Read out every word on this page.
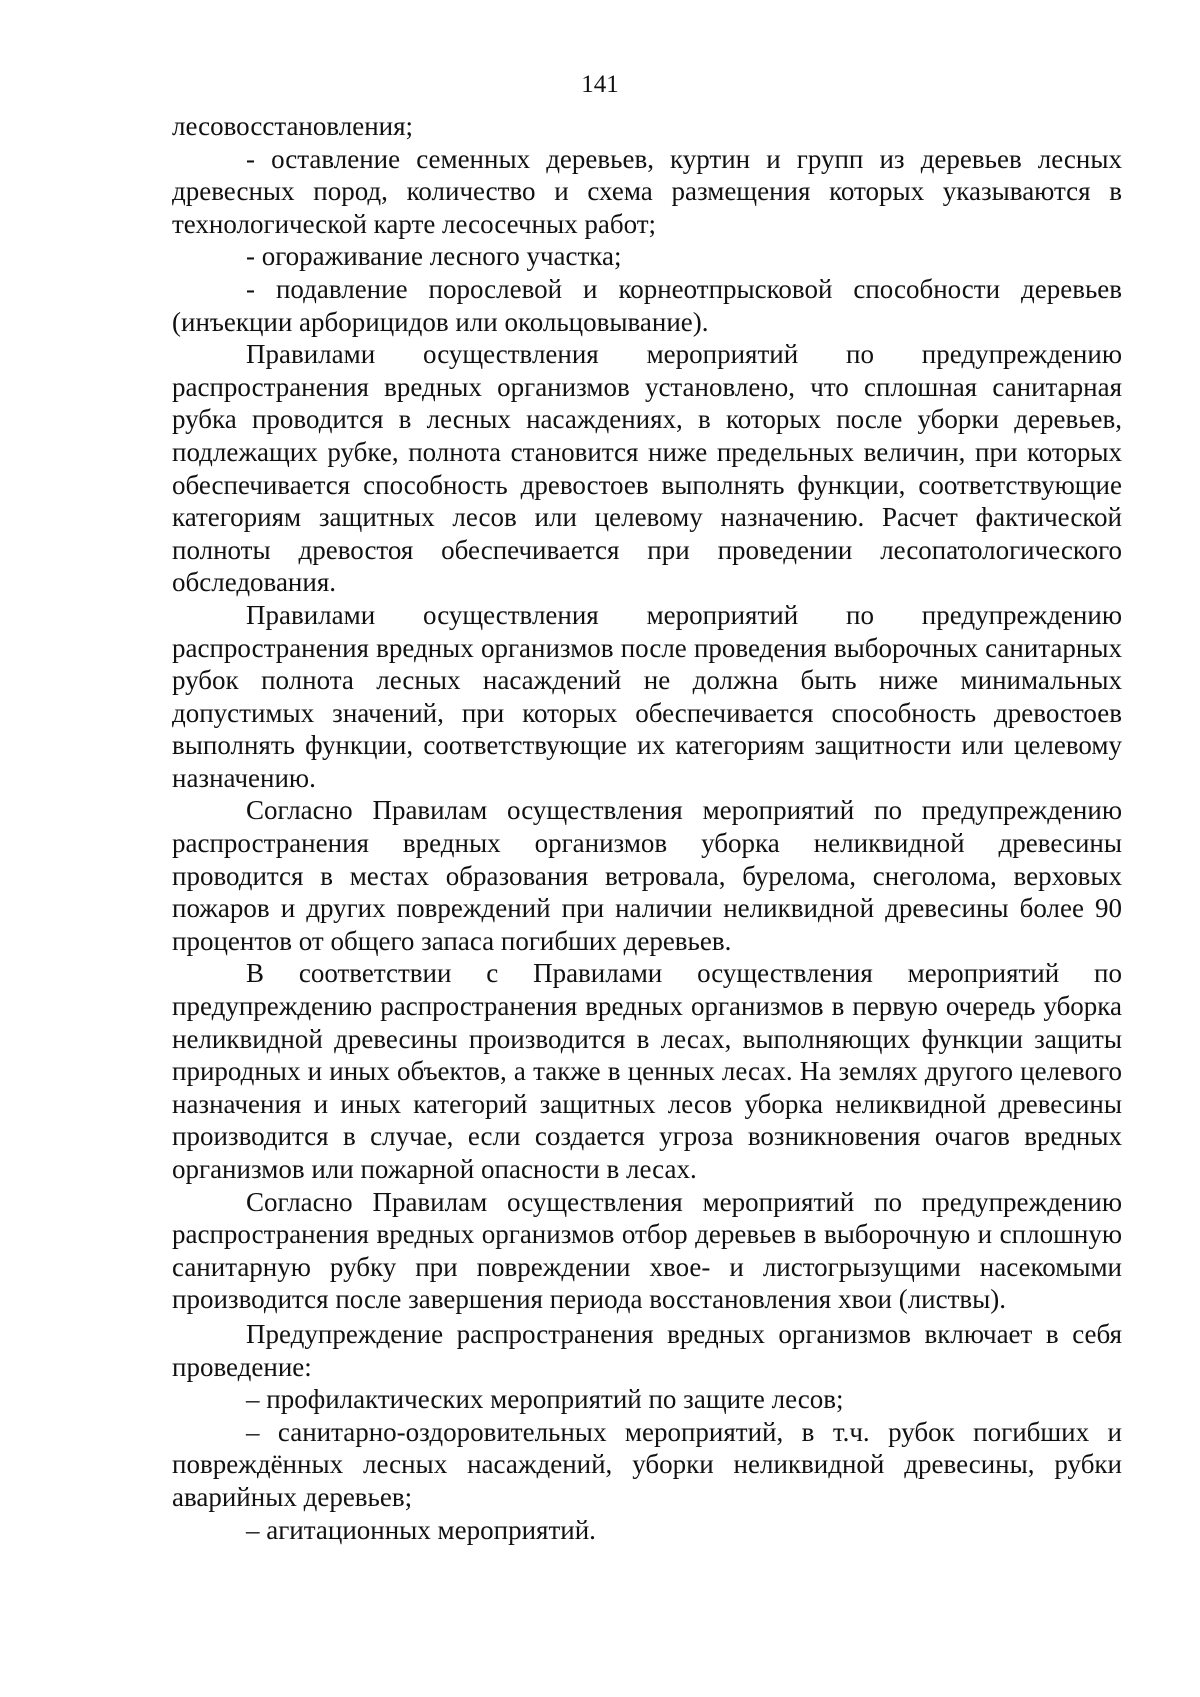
141

лесовосстановления;

- оставление семенных деревьев, куртин и групп из деревьев лесных древесных пород, количество и схема размещения которых указываются в технологической карте лесосечных работ;

- огораживание лесного участка;

- подавление порослевой и корнеотпрысковой способности деревьев (инъекции арборицидов или окольцовывание).

Правилами осуществления мероприятий по предупреждению распространения вредных организмов установлено, что сплошная санитарная рубка проводится в лесных насаждениях, в которых после уборки деревьев, подлежащих рубке, полнота становится ниже предельных величин, при которых обеспечивается способность древостоев выполнять функции, соответствующие категориям защитных лесов или целевому назначению. Расчет фактической полноты древостоя обеспечивается при проведении лесопатологического обследования.

Правилами осуществления мероприятий по предупреждению распространения вредных организмов после проведения выборочных санитарных рубок полнота лесных насаждений не должна быть ниже минимальных допустимых значений, при которых обеспечивается способность древостоев выполнять функции, соответствующие их категориям защитности или целевому назначению.

Согласно Правилам осуществления мероприятий по предупреждению распространения вредных организмов уборка неликвидной древесины проводится в местах образования ветровала, бурелома, снеголома, верховых пожаров и других повреждений при наличии неликвидной древесины более 90 процентов от общего запаса погибших деревьев.

В соответствии с Правилами осуществления мероприятий по предупреждению распространения вредных организмов в первую очередь уборка неликвидной древесины производится в лесах, выполняющих функции защиты природных и иных объектов, а также в ценных лесах. На землях другого целевого назначения и иных категорий защитных лесов уборка неликвидной древесины производится в случае, если создается угроза возникновения очагов вредных организмов или пожарной опасности в лесах.

Согласно Правилам осуществления мероприятий по предупреждению распространения вредных организмов отбор деревьев в выборочную и сплошную санитарную рубку при повреждении хвое- и листогрызущими насекомыми производится после завершения периода восстановления хвои (листвы).

Предупреждение распространения вредных организмов включает в себя проведение:

– профилактических мероприятий по защите лесов;

– санитарно-оздоровительных мероприятий, в т.ч. рубок погибших и повреждённых лесных насаждений, уборки неликвидной древесины, рубки аварийных деревьев;

– агитационных мероприятий.
